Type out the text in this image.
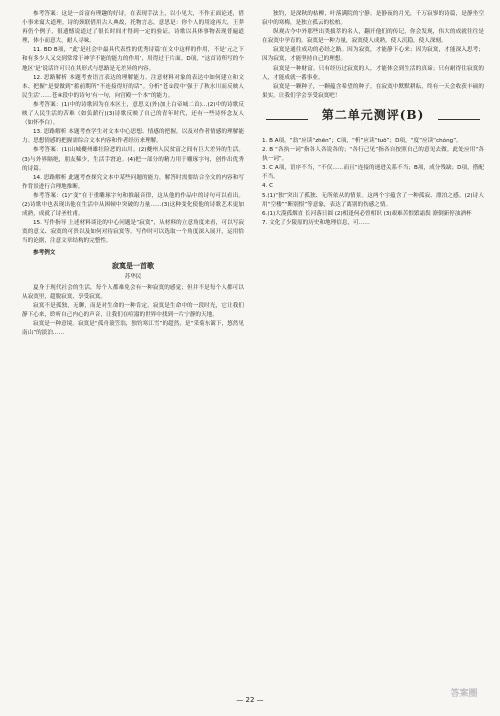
参考答案：这是一首富有理趣的好诗。在表现手法上，以小见大，不作正面论述，借小事来寓大道理。诗的颈联借用古人典故，托物言志，意思是：你个人的用途再大，王莽再仍个例子，很遗憾说道过了很长时间才得到一定的验证。诗歌以具体事物表现普遍道理，体小而意大，耐人寻味。

11. BD B项，“此‘是社会中最具代表性的优秀诗篇’在文中这样的作用，不是‘元之下和有多少人又交到常常于神学不能的能力的作用’，用得过于片面。D项，“这首诗所写的个地区‘是’说话许可只在其形式与思路是无差异的内容。

12. 思路解析 本题考查语言表达的理解能力。注意材料对象的表达中如何建立和文本、把握“是要做到”蓄前期所“不连接得好的话”。分析“苍①段中‘强于了秋水川而反映人民生活’……苍④段中的诗句‘有一句，向宫殿一个本”的能力。

参考答案：(1)中的诗歌因为在本区土，意思义(外)加上白帝城二首)…(2)中的诗歌反映了人民生活的苦难（如负薪行)(3)诗歌反映了自己的青年时代，还有一些诗怀念友人（如怀李白）。

13. 思路解析 本题考查学生对文本中心思想、情感的把握，以及对作者情感的理解能力。思想情感的把握需综合文本内容和作者经历来理解。

参考答案：(1)山城夔州雄壮险恶的山川。(2)夔州人民贫富之间有巨大差异的生活。(3)与外界隔绝，朋友稀少，生活手窘迫。(4)把一部分的精力用于雕琢字句，创作出优秀的诗篇。

14. 思路解析 此题考查探究文本中某些问题的能力，解答时需要结合全文的内容和写作背景进行合理地推断。

参考答案：(1)“变”在于重雕琢字句和推敲音律，这从他的作品中的诗句可以看出。(2)诗歌中也表现出他在生活中从困顿中突破的力量……(3)这种变化使他的诗歌艺术更加成熟，成就了诗圣杜甫。

15. 写作指导 上述材料谈论的中心问题是“寂寞”，从材料的立意角度来看，可以写寂寞的意义、寂寞的可贵以及如何对待寂寞等。写作时可以选取一个角度深入展开，运用恰当的论据，注意文章结构的完整性。

参考例文

寂寞是一首歌
苏华民

夏身于现代社会的生活，每个人都难免会有一种寂寞的感觉；但并不是每个人都可以从寂寞里，超脱寂寞，享受寂寞。

寂寞不是孤独，无聊，而是对生命的一种肯定。寂寞是生命中的一段时光，它让我们静下心来，聆听自己内心的声音，让我们在喧嚣的世界中找到一片宁静的天地。

寂寞是一种意境。寂寞是“孤舟蓑笠翁，独钓寒江雪”的超然，是“采菊东篱下，悠然见南山”的淡泊……

独钓，是深秋的枯柳，叶落满院的宁静。是静夜的月光，千万寂寥的诗篇，是静坐空寂中的寒梅，是独立孤云的松柏。

纵观古今中外那些出类拔萃的名人，翻开他们的传记，你会发现，伟大的成就往往是在寂寞中孕育的。寂寞是一种力量，寂寞使人成熟，使人沉稳，使人深刻。

寂寞是通往成功的必经之路。因为寂寞，才能静下心来；因为寂寞，才能深入思考；因为寂寞，才能坚持自己的理想。

寂寞是一种财富。只有经历过寂寞的人，才能体会到生活的真谛；只有耐得住寂寞的人，才能成就一番事业。

寂寞是一颗种子，一颗蕴含希望的种子。在寂寞中默默耕耘，终有一天会收获丰硕的果实。让我们学会享受寂寞吧！

第二单元测评(B)

1. B A项，“翁”应读“zhēn”；C项，“析”应读“tuō”；D项，“度”应读“chóng”。

2. B “各执一词”指各人各说各的；“各行己见”指各自按照自己的意见去做。此处应用“各执一词”。

3. C A项，语序不当，“不仅……而且”连接的递进关系不当；B项，成分残缺；D项，搭配不当。

4. C

5.(1)“独”突出了孤独、无所依从的情景。这两个字蕴含了一种孤寂、漂泊之感。(2)诗人用“空楼”“断别恨”等意象，表达了离别的伤感之情。

6.(1)大漠孤烟直 长河落日圆 (2)相逢何必曾相识 (3)艰难苦恨繁霜鬓 潦倒新停浊酒杯

7. 文化了少陵原的历史和地理信息，可……

— 22 —
答案圈
